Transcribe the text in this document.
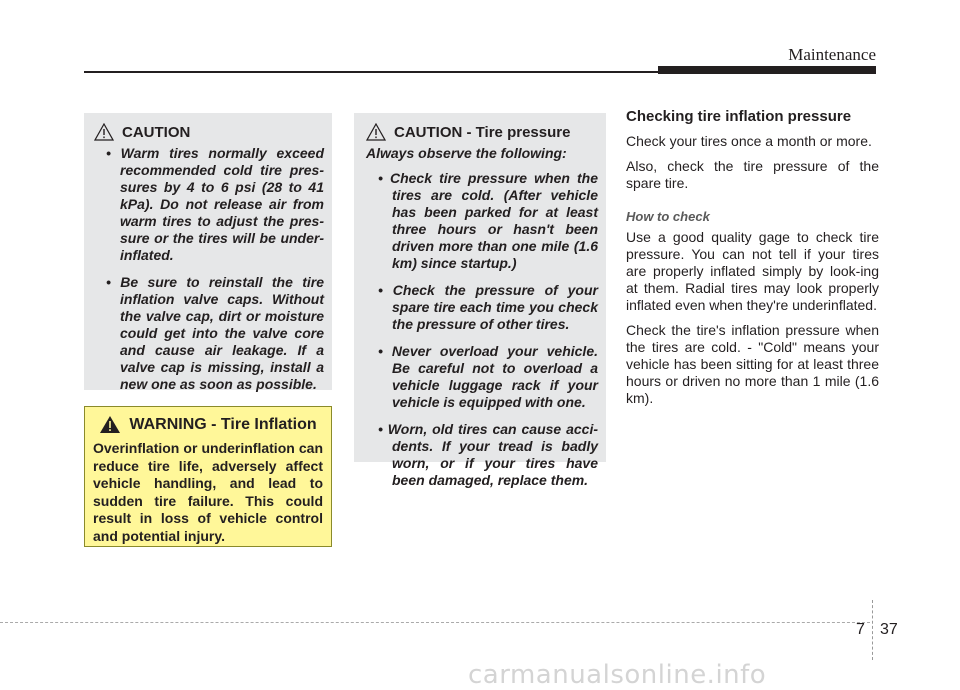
Maintenance
CAUTION
• Warm tires normally exceed recommended cold tire pres-sures by 4 to 6 psi (28 to 41 kPa). Do not release air from warm tires to adjust the pres-sure or the tires will be under-inflated.
• Be sure to reinstall the tire inflation valve caps. Without the valve cap, dirt or moisture could get into the valve core and cause air leakage. If a valve cap is missing, install a new one as soon as possible.
WARNING - Tire Inflation

Overinflation or underinflation can reduce tire life, adversely affect vehicle handling, and lead to sudden tire failure. This could result in loss of vehicle control and potential injury.

CAUTION - Tire pressure

Always observe the following:

• Check tire pressure when the tires are cold. (After vehicle has been parked for at least three hours or hasn't been driven more than one mile (1.6 km) since startup.)
• Check the pressure of your spare tire each time you check the pressure of other tires.
• Never overload your vehicle. Be careful not to overload a vehicle luggage rack if your vehicle is equipped with one.
• Worn, old tires can cause acci-dents. If your tread is badly worn, or if your tires have been damaged, replace them.
Checking tire inflation pressure

Check your tires once a month or more.

Also, check the tire pressure of the spare tire.

How to check

Use a good quality gage to check tire pressure. You can not tell if your tires are properly inflated simply by look-ing at them. Radial tires may look properly inflated even when they're underinflated.

Check the tire's inflation pressure when the tires are cold. - "Cold" means your vehicle has been sitting for at least three hours or driven no more than 1 mile (1.6 km).

7 37
carmanualsonline.info
